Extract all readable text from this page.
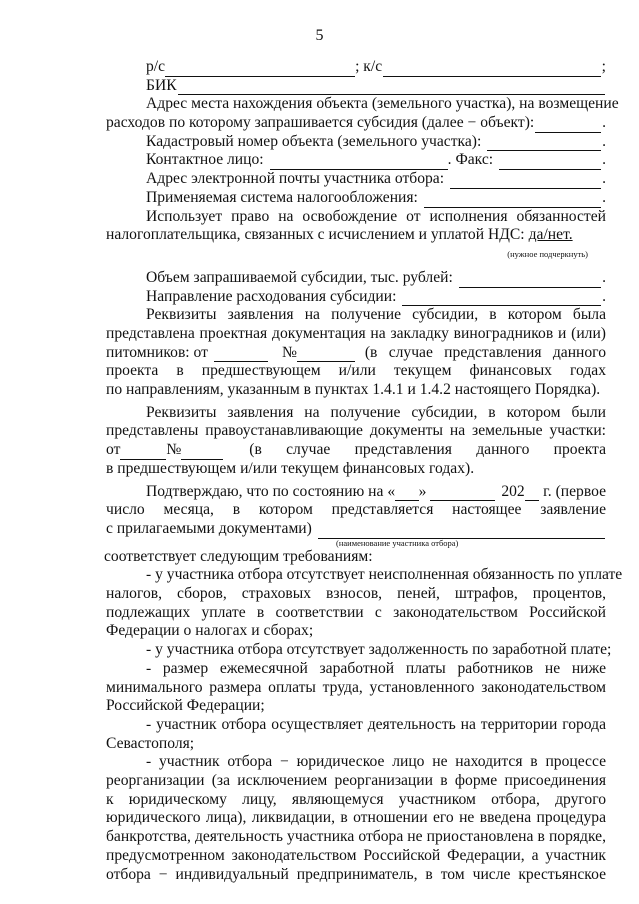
5
р/с	; к/с	;
БИК
Адрес места нахождения объекта (земельного участка), на возмещение
расходов по которому запрашивается субсидия (далее − объект):	.
Кадастровый номер объекта (земельного участка):	.
Контактное лицо:	. Факс:	.
Адрес электронной почты участника отбора:	.
Применяемая система налогообложения:	.
Использует право на освобождение от исполнения обязанностей
налогоплательщика, связанных с исчислением и уплатой НДС: да/нет.
(нужное подчеркнуть)
Объем запрашиваемой субсидии, тыс. рублей:	.
Направление расходования субсидии:	.
Реквизиты заявления на получение субсидии, в котором была
представлена проектная документация на закладку виноградников и (или)
питомников: от	№	(в случае представления данного
проекта в предшествующем и/или текущем финансовых годах
по направлениям, указанным в пунктах 1.4.1 и 1.4.2 настоящего Порядка).
Реквизиты заявления на получение субсидии, в котором были
представлены правоустанавливающие документы на земельные участки:
от	№	(в случае представления данного проекта
в предшествующем и/или текущем финансовых годах).
Подтверждаю, что по состоянию на « »	202 г. (первое
число месяца, в котором представляется настоящее заявление
с прилагаемыми документами)
(наименование участника отбора)
соответствует следующим требованиям:
- у участника отбора отсутствует неисполненная обязанность по уплате
налогов, сборов, страховых взносов, пеней, штрафов, процентов,
подлежащих уплате в соответствии с законодательством Российской
Федерации о налогах и сборах;
- у участника отбора отсутствует задолженность по заработной плате;
- размер ежемесячной заработной платы работников не ниже
минимального размера оплаты труда, установленного законодательством
Российской Федерации;
- участник отбора осуществляет деятельность на территории города
Севастополя;
- участник отбора − юридическое лицо не находится в процессе
реорганизации (за исключением реорганизации в форме присоединения
к юридическому лицу, являющемуся участником отбора, другого
юридического лица), ликвидации, в отношении его не введена процедура
банкротства, деятельность участника отбора не приостановлена в порядке,
предусмотренном законодательством Российской Федерации, а участник
отбора − индивидуальный предприниматель, в том числе крестьянское
